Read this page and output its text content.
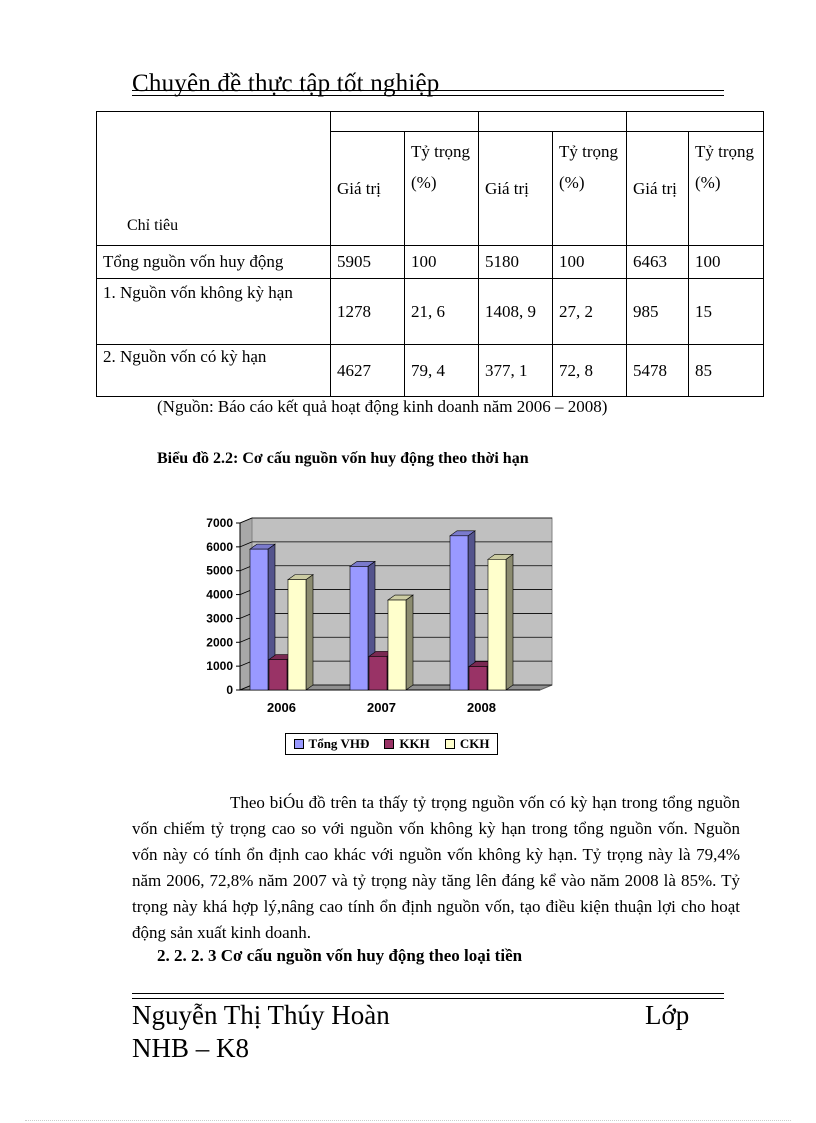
Chuyên đề thực tập tốt nghiệp
Chỉ tiêu						
	Giá trị	Tỷ trọng (%)	Giá trị	Tỷ trọng (%)	Giá trị	Tỷ trọng (%)
Tổng nguồn vốn huy động	5905	100	5180	100	6463	100
1. Nguồn vốn không kỳ hạn	1278	21, 6	1408, 9	27, 2	985	15
2. Nguồn vốn có kỳ hạn	4627	79, 4	377, 1	72, 8	5478	85
(Nguồn: Báo cáo kết quả hoạt động kinh doanh năm 2006 – 2008)
Biểu đồ 2.2: Cơ cấu nguồn vốn huy động theo thời hạn
0
1000
2000
3000
4000
5000
6000
7000
2006	2007	2008
Tổng VHĐ KKH CKH

Theo biÓu đồ trên ta thấy tỷ trọng nguồn vốn có kỳ hạn trong tổng nguồn vốn chiếm tỷ trọng cao so với nguồn vốn không kỳ hạn trong tổng nguồn vốn. Nguồn vốn này có tính ổn định cao khác với nguồn vốn không kỳ hạn. Tỷ trọng này là 79,4% năm 2006, 72,8% năm 2007 và tỷ trọng này tăng lên đáng kể vào năm 2008 là 85%. Tỷ trọng này khá hợp lý,nâng cao tính ổn định nguồn vốn, tạo điều kiện thuận lợi cho hoạt động sản xuất kinh doanh.

2. 2. 2. 3 Cơ cấu nguồn vốn huy động theo loại tiền
Nguyễn Thị Thúy Hoàn	Lớp
NHB – K8
